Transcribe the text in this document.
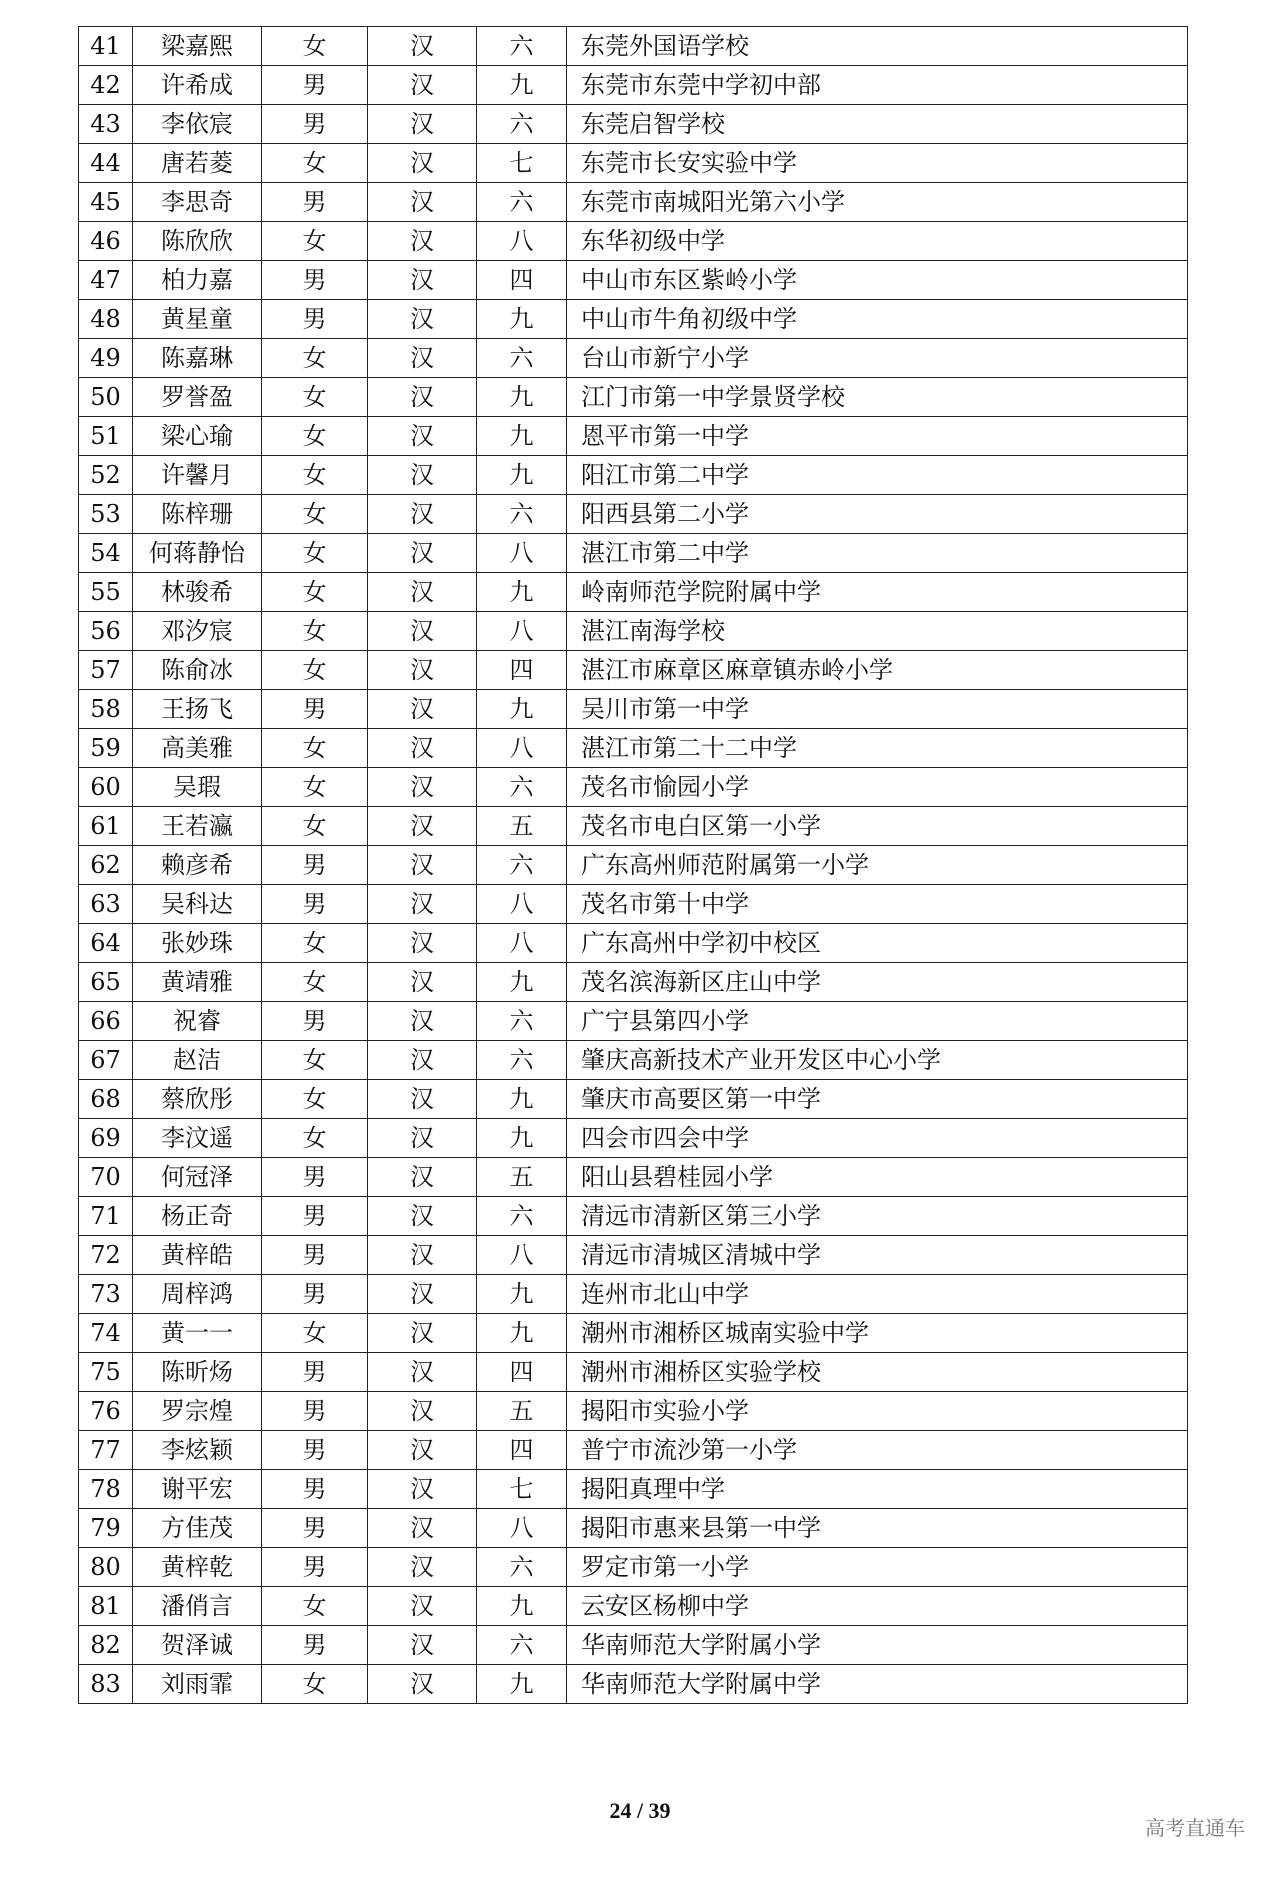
41	梁嘉熙	女	汉	六	东莞外国语学校
42	许希成	男	汉	九	东莞市东莞中学初中部
43	李依宸	男	汉	六	东莞启智学校
44	唐若菱	女	汉	七	东莞市长安实验中学
45	李思奇	男	汉	六	东莞市南城阳光第六小学
46	陈欣欣	女	汉	八	东华初级中学
47	柏力嘉	男	汉	四	中山市东区紫岭小学
48	黄星童	男	汉	九	中山市牛角初级中学
49	陈嘉琳	女	汉	六	台山市新宁小学
50	罗誉盈	女	汉	九	江门市第一中学景贤学校
51	梁心瑜	女	汉	九	恩平市第一中学
52	许馨月	女	汉	九	阳江市第二中学
53	陈梓珊	女	汉	六	阳西县第二小学
54	何蒋静怡	女	汉	八	湛江市第二中学
55	林骏希	女	汉	九	岭南师范学院附属中学
56	邓汐宸	女	汉	八	湛江南海学校
57	陈俞冰	女	汉	四	湛江市麻章区麻章镇赤岭小学
58	王扬飞	男	汉	九	吴川市第一中学
59	高美雅	女	汉	八	湛江市第二十二中学
60	吴瑕	女	汉	六	茂名市愉园小学
61	王若瀛	女	汉	五	茂名市电白区第一小学
62	赖彦希	男	汉	六	广东高州师范附属第一小学
63	吴科达	男	汉	八	茂名市第十中学
64	张妙珠	女	汉	八	广东高州中学初中校区
65	黄靖雅	女	汉	九	茂名滨海新区庄山中学
66	祝睿	男	汉	六	广宁县第四小学
67	赵洁	女	汉	六	肇庆高新技术产业开发区中心小学
68	蔡欣彤	女	汉	九	肇庆市高要区第一中学
69	李汶遥	女	汉	九	四会市四会中学
70	何冠泽	男	汉	五	阳山县碧桂园小学
71	杨正奇	男	汉	六	清远市清新区第三小学
72	黄梓皓	男	汉	八	清远市清城区清城中学
73	周梓鸿	男	汉	九	连州市北山中学
74	黄一一	女	汉	九	潮州市湘桥区城南实验中学
75	陈昕炀	男	汉	四	潮州市湘桥区实验学校
76	罗宗煌	男	汉	五	揭阳市实验小学
77	李炫颖	男	汉	四	普宁市流沙第一小学
78	谢平宏	男	汉	七	揭阳真理中学
79	方佳茂	男	汉	八	揭阳市惠来县第一中学
80	黄梓乾	男	汉	六	罗定市第一小学
81	潘俏言	女	汉	九	云安区杨柳中学
82	贺泽诚	男	汉	六	华南师范大学附属小学
83	刘雨霏	女	汉	九	华南师范大学附属中学
24 / 39
高考直通车
